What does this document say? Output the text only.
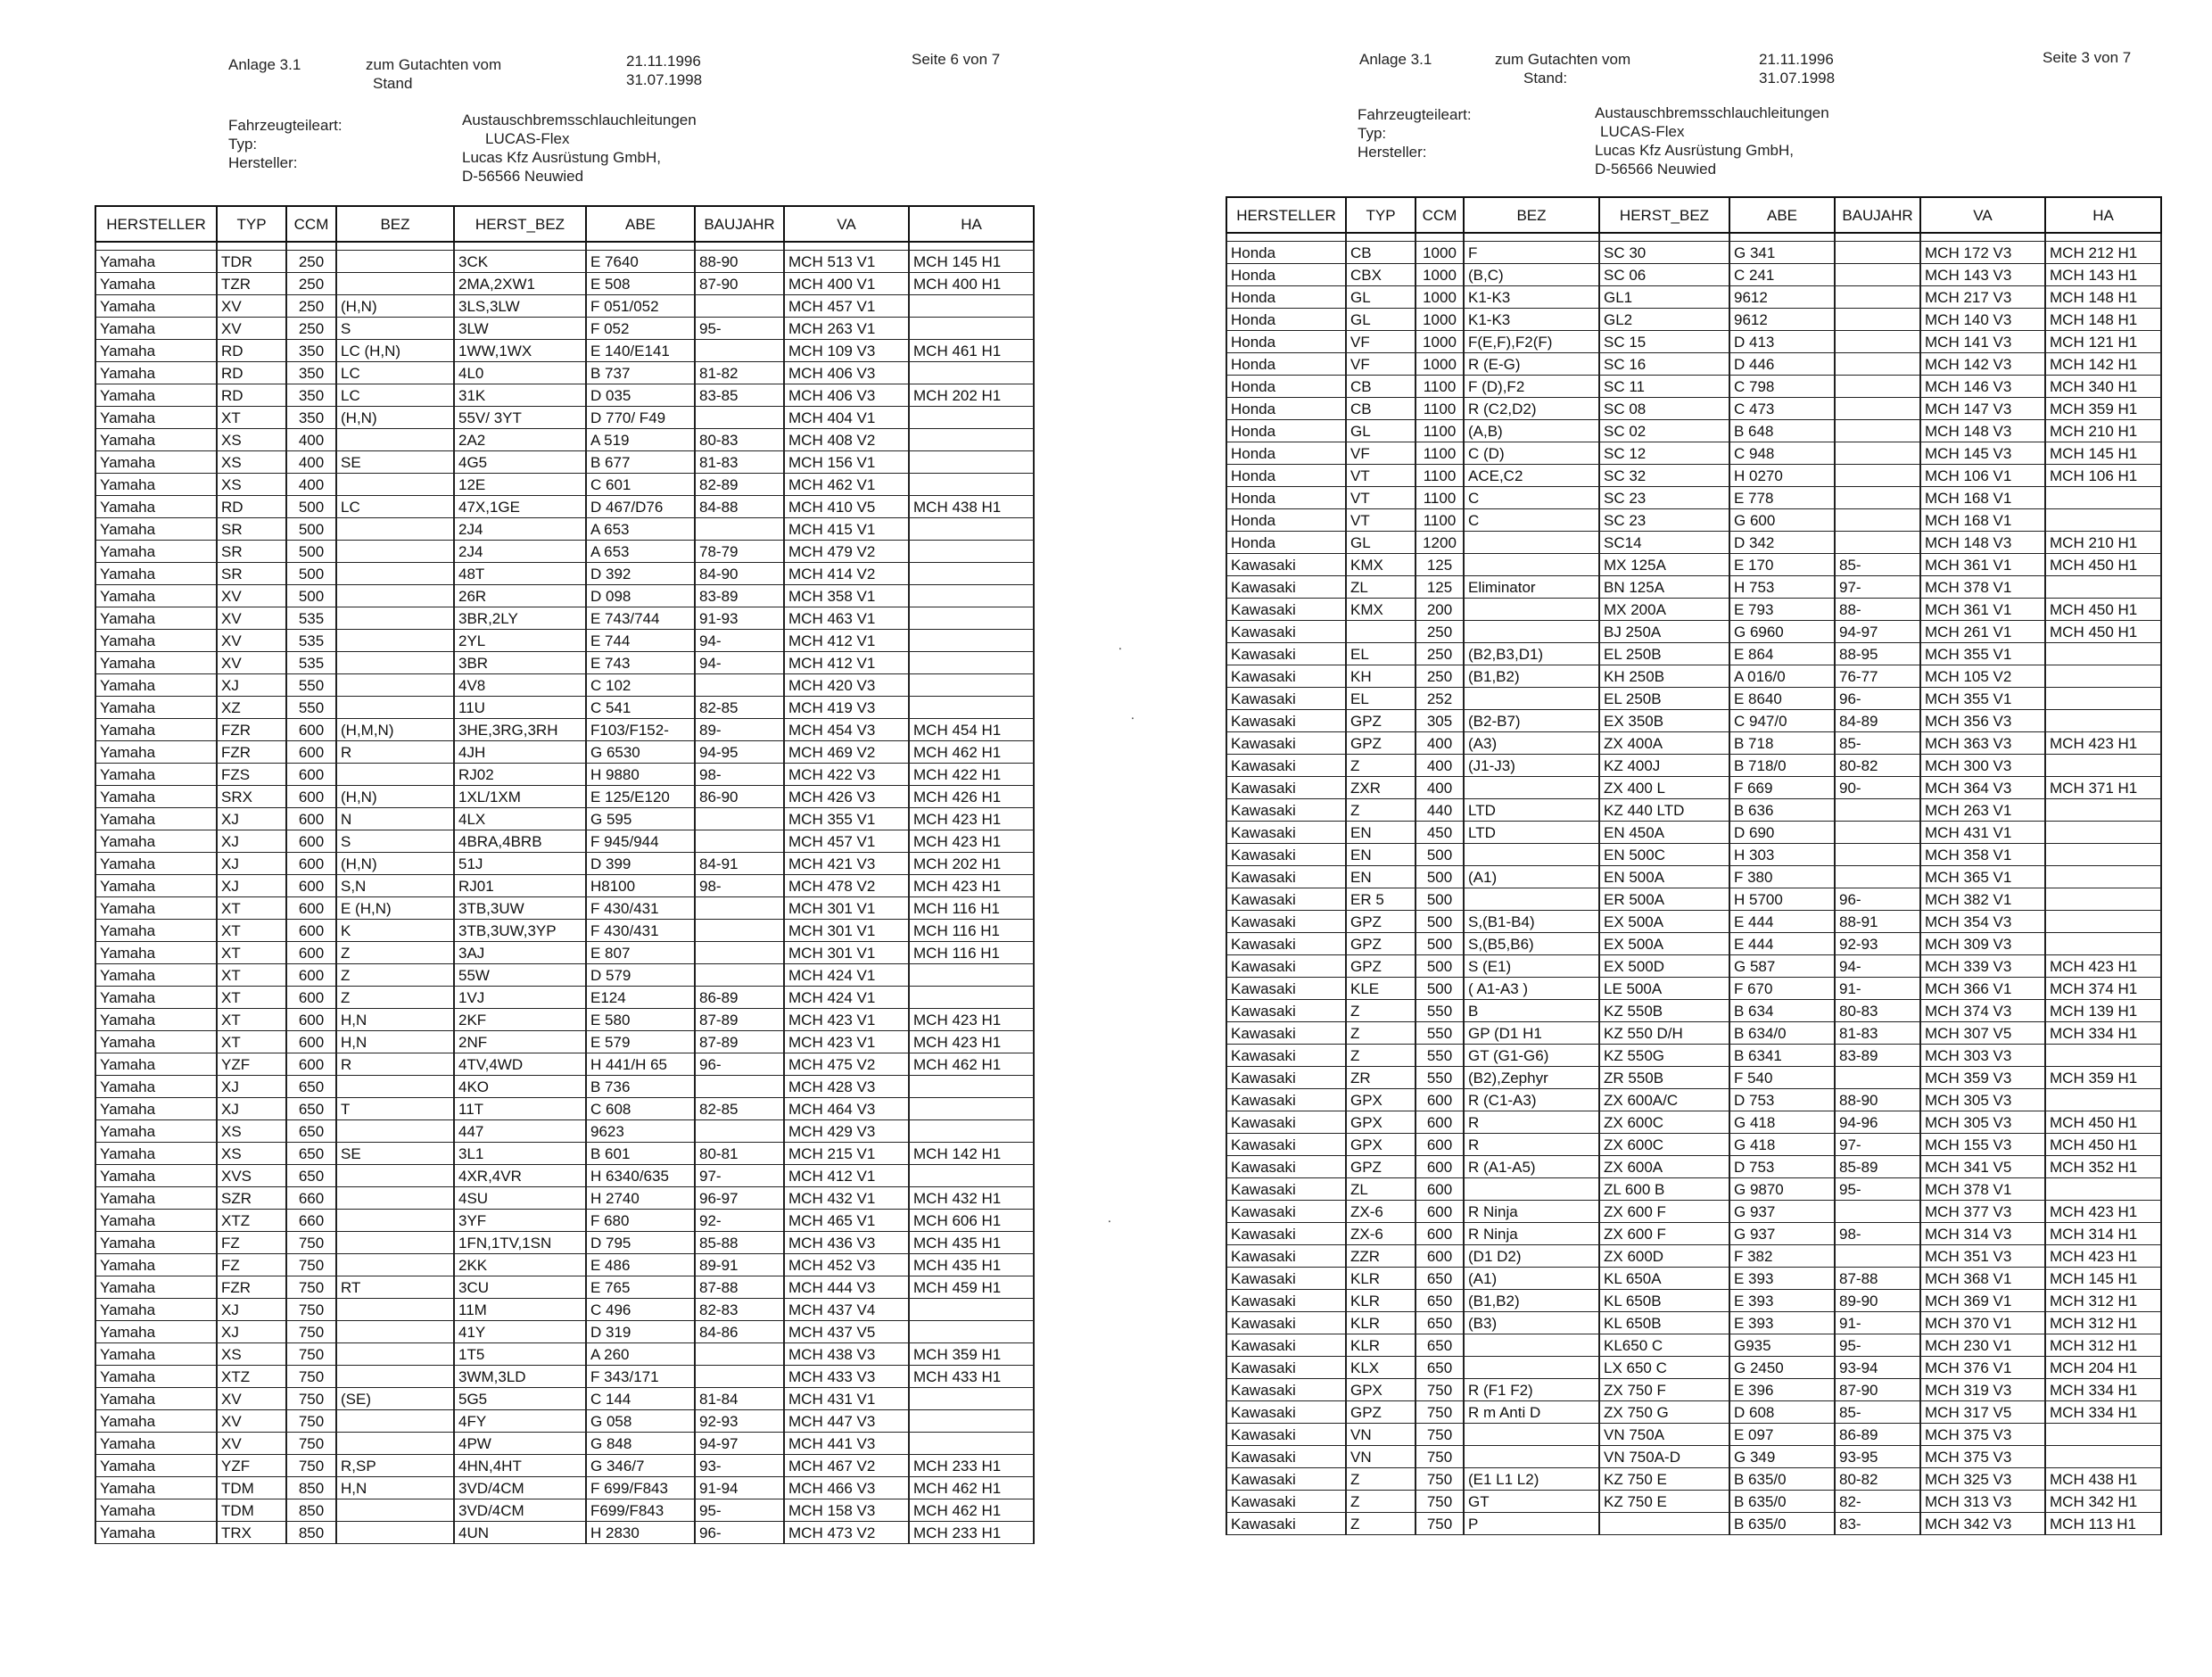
Anlage 3.1	zum Gutachten vom
Stand
21.11.1996
31.07.1998
Seite 6 von 7
Fahrzeugteileart:
Typ:
Hersteller:
Austauschbremsschlauchleitungen
LUCAS-Flex
Lucas Kfz Ausrüstung GmbH,
D-56566 Neuwied
HERSTELLER	TYP	CCM	BEZ	HERST_BEZ	ABE	BAUJAHR	VA	HA

Yamaha	TDR	250		3CK	E 7640	88-90	MCH 513 V1	MCH 145 H1
Yamaha	TZR	250		2MA,2XW1	E 508	87-90	MCH 400 V1	MCH 400 H1
Yamaha	XV	250	(H,N)	3LS,3LW	F 051/052		MCH 457 V1	
Yamaha	XV	250	S	3LW	F 052	95-	MCH 263 V1	
Yamaha	RD	350	LC (H,N)	1WW,1WX	E 140/E141		MCH 109 V3	MCH 461 H1
Yamaha	RD	350	LC	4L0	B 737	81-82	MCH 406 V3	
Yamaha	RD	350	LC	31K	D 035	83-85	MCH 406 V3	MCH 202 H1
Yamaha	XT	350	(H,N)	55V/ 3YT	D 770/ F49		MCH 404 V1	
Yamaha	XS	400		2A2	A 519	80-83	MCH 408 V2	
Yamaha	XS	400	SE	4G5	B 677	81-83	MCH 156 V1	
Yamaha	XS	400		12E	C 601	82-89	MCH 462 V1	
Yamaha	RD	500	LC	47X,1GE	D 467/D76	84-88	MCH 410 V5	MCH 438 H1
Yamaha	SR	500		2J4	A 653		MCH 415 V1	
Yamaha	SR	500		2J4	A 653	78-79	MCH 479 V2	
Yamaha	SR	500		48T	D 392	84-90	MCH 414 V2	
Yamaha	XV	500		26R	D 098	83-89	MCH 358 V1	
Yamaha	XV	535		3BR,2LY	E 743/744	91-93	MCH 463 V1	
Yamaha	XV	535		2YL	E 744	94-	MCH 412 V1	
Yamaha	XV	535		3BR	E 743	94-	MCH 412 V1	
Yamaha	XJ	550		4V8	C 102		MCH 420 V3	
Yamaha	XZ	550		11U	C 541	82-85	MCH 419 V3	
Yamaha	FZR	600	(H,M,N)	3HE,3RG,3RH	F103/F152-	89-	MCH 454 V3	MCH 454 H1
Yamaha	FZR	600	R	4JH	G 6530	94-95	MCH 469 V2	MCH 462 H1
Yamaha	FZS	600		RJ02	H 9880	98-	MCH 422 V3	MCH 422 H1
Yamaha	SRX	600	(H,N)	1XL/1XM	E 125/E120	86-90	MCH 426 V3	MCH 426 H1
Yamaha	XJ	600	N	4LX	G 595		MCH 355 V1	MCH 423 H1
Yamaha	XJ	600	S	4BRA,4BRB	F 945/944		MCH 457 V1	MCH 423 H1
Yamaha	XJ	600	(H,N)	51J	D 399	84-91	MCH 421 V3	MCH 202 H1
Yamaha	XJ	600	S,N	RJ01	H8100	98-	MCH 478 V2	MCH 423 H1
Yamaha	XT	600	E (H,N)	3TB,3UW	F 430/431		MCH 301 V1	MCH 116 H1
Yamaha	XT	600	K	3TB,3UW,3YP	F 430/431		MCH 301 V1	MCH 116 H1
Yamaha	XT	600	Z	3AJ	E 807		MCH 301 V1	MCH 116 H1
Yamaha	XT	600	Z	55W	D 579		MCH 424 V1	
Yamaha	XT	600	Z	1VJ	E124	86-89	MCH 424 V1	
Yamaha	XT	600	H,N	2KF	E 580	87-89	MCH 423 V1	MCH 423 H1
Yamaha	XT	600	H,N	2NF	E 579	87-89	MCH 423 V1	MCH 423 H1
Yamaha	YZF	600	R	4TV,4WD	H 441/H 65	96-	MCH 475 V2	MCH 462 H1
Yamaha	XJ	650		4KO	B 736		MCH 428 V3	
Yamaha	XJ	650	T	11T	C 608	82-85	MCH 464 V3	
Yamaha	XS	650		447	9623		MCH 429 V3	
Yamaha	XS	650	SE	3L1	B 601	80-81	MCH 215 V1	MCH 142 H1
Yamaha	XVS	650		4XR,4VR	H 6340/635	97-	MCH 412 V1	
Yamaha	SZR	660		4SU	H 2740	96-97	MCH 432 V1	MCH 432 H1
Yamaha	XTZ	660		3YF	F 680	92-	MCH 465 V1	MCH 606 H1
Yamaha	FZ	750		1FN,1TV,1SN	D 795	85-88	MCH 436 V3	MCH 435 H1
Yamaha	FZ	750		2KK	E 486	89-91	MCH 452 V3	MCH 435 H1
Yamaha	FZR	750	RT	3CU	E 765	87-88	MCH 444 V3	MCH 459 H1
Yamaha	XJ	750		11M	C 496	82-83	MCH 437 V4	
Yamaha	XJ	750		41Y	D 319	84-86	MCH 437 V5	
Yamaha	XS	750		1T5	A 260		MCH 438 V3	MCH 359 H1
Yamaha	XTZ	750		3WM,3LD	F 343/171		MCH 433 V3	MCH 433 H1
Yamaha	XV	750	(SE)	5G5	C 144	81-84	MCH 431 V1	
Yamaha	XV	750		4FY	G 058	92-93	MCH 447 V3	
Yamaha	XV	750		4PW	G 848	94-97	MCH 441 V3	
Yamaha	YZF	750	R,SP	4HN,4HT	G 346/7	93-	MCH 467 V2	MCH 233 H1
Yamaha	TDM	850	H,N	3VD/4CM	F 699/F843	91-94	MCH 466 V3	MCH 462 H1
Yamaha	TDM	850		3VD/4CM	F699/F843	95-	MCH 158 V3	MCH 462 H1
Yamaha	TRX	850		4UN	H 2830	96-	MCH 473 V2	MCH 233 H1
Anlage 3.1	zum Gutachten vom
Stand:
21.11.1996
31.07.1998
Seite 3 von 7
Fahrzeugteileart:
Typ:
Hersteller:
Austauschbremsschlauchleitungen
LUCAS-Flex
Lucas Kfz Ausrüstung GmbH,
D-56566 Neuwied
HERSTELLER	TYP	CCM	BEZ	HERST_BEZ	ABE	BAUJAHR	VA	HA

Honda	CB	1000	F	SC 30	G 341		MCH 172 V3	MCH 212 H1
Honda	CBX	1000	(B,C)	SC 06	C 241		MCH 143 V3	MCH 143 H1
Honda	GL	1000	K1-K3	GL1	9612		MCH 217 V3	MCH 148 H1
Honda	GL	1000	K1-K3	GL2	9612		MCH 140 V3	MCH 148 H1
Honda	VF	1000	F(E,F),F2(F)	SC 15	D 413		MCH 141 V3	MCH 121 H1
Honda	VF	1000	R (E-G)	SC 16	D 446		MCH 142 V3	MCH 142 H1
Honda	CB	1100	F (D),F2	SC 11	C 798		MCH 146 V3	MCH 340 H1
Honda	CB	1100	R (C2,D2)	SC 08	C 473		MCH 147 V3	MCH 359 H1
Honda	GL	1100	(A,B)	SC 02	B 648		MCH 148 V3	MCH 210 H1
Honda	VF	1100	C (D)	SC 12	C 948		MCH 145 V3	MCH 145 H1
Honda	VT	1100	ACE,C2	SC 32	H 0270		MCH 106 V1	MCH 106 H1
Honda	VT	1100	C	SC 23	E 778		MCH 168 V1	
Honda	VT	1100	C	SC 23	G 600		MCH 168 V1	
Honda	GL	1200		SC14	D 342		MCH 148 V3	MCH 210 H1
Kawasaki	KMX	125		MX 125A	E 170	85-	MCH 361 V1	MCH 450 H1
Kawasaki	ZL	125	Eliminator	BN 125A	H 753	97-	MCH 378 V1	
Kawasaki	KMX	200		MX 200A	E 793	88-	MCH 361 V1	MCH 450 H1
Kawasaki		250		BJ 250A	G 6960	94-97	MCH 261 V1	MCH 450 H1
Kawasaki	EL	250	(B2,B3,D1)	EL 250B	E 864	88-95	MCH 355 V1	
Kawasaki	KH	250	(B1,B2)	KH 250B	A 016/0	76-77	MCH 105 V2	
Kawasaki	EL	252		EL 250B	E 8640	96-	MCH 355 V1	
Kawasaki	GPZ	305	(B2-B7)	EX 350B	C 947/0	84-89	MCH 356 V3	
Kawasaki	GPZ	400	(A3)	ZX 400A	B 718	85-	MCH 363 V3	MCH 423 H1
Kawasaki	Z	400	(J1-J3)	KZ 400J	B 718/0	80-82	MCH 300 V3	
Kawasaki	ZXR	400		ZX 400 L	F 669	90-	MCH 364 V3	MCH 371 H1
Kawasaki	Z	440	LTD	KZ 440 LTD	B 636		MCH 263 V1	
Kawasaki	EN	450	LTD	EN 450A	D 690		MCH 431 V1	
Kawasaki	EN	500		EN 500C	H 303		MCH 358 V1	
Kawasaki	EN	500	(A1)	EN 500A	F 380		MCH 365 V1	
Kawasaki	ER 5	500		ER 500A	H 5700	96-	MCH 382 V1	
Kawasaki	GPZ	500	S,(B1-B4)	EX 500A	E 444	88-91	MCH 354 V3	
Kawasaki	GPZ	500	S,(B5,B6)	EX 500A	E 444	92-93	MCH 309 V3	
Kawasaki	GPZ	500	S (E1)	EX 500D	G 587	94-	MCH 339 V3	MCH 423 H1
Kawasaki	KLE	500	( A1-A3 )	LE 500A	F 670	91-	MCH 366 V1	MCH 374 H1
Kawasaki	Z	550	B	KZ 550B	B 634	80-83	MCH 374 V3	MCH 139 H1
Kawasaki	Z	550	GP (D1 H1	KZ 550 D/H	B 634/0	81-83	MCH 307 V5	MCH 334 H1
Kawasaki	Z	550	GT (G1-G6)	KZ 550G	B 6341	83-89	MCH 303 V3	
Kawasaki	ZR	550	(B2),Zephyr	ZR 550B	F 540		MCH 359 V3	MCH 359 H1
Kawasaki	GPX	600	R (C1-A3)	ZX 600A/C	D 753	88-90	MCH 305 V3	
Kawasaki	GPX	600	R	ZX 600C	G 418	94-96	MCH 305 V3	MCH 450 H1
Kawasaki	GPX	600	R	ZX 600C	G 418	97-	MCH 155 V3	MCH 450 H1
Kawasaki	GPZ	600	R (A1-A5)	ZX 600A	D 753	85-89	MCH 341 V5	MCH 352 H1
Kawasaki	ZL	600		ZL 600 B	G 9870	95-	MCH 378 V1	
Kawasaki	ZX-6	600	R Ninja	ZX 600 F	G 937		MCH 377 V3	MCH 423 H1
Kawasaki	ZX-6	600	R Ninja	ZX 600 F	G 937	98-	MCH 314 V3	MCH 314 H1
Kawasaki	ZZR	600	(D1 D2)	ZX 600D	F 382		MCH 351 V3	MCH 423 H1
Kawasaki	KLR	650	(A1)	KL 650A	E 393	87-88	MCH 368 V1	MCH 145 H1
Kawasaki	KLR	650	(B1,B2)	KL 650B	E 393	89-90	MCH 369 V1	MCH 312 H1
Kawasaki	KLR	650	(B3)	KL 650B	E 393	91-	MCH 370 V1	MCH 312 H1
Kawasaki	KLR	650		KL650 C	G935	95-	MCH 230 V1	MCH 312 H1
Kawasaki	KLX	650		LX 650 C	G 2450	93-94	MCH 376 V1	MCH 204 H1
Kawasaki	GPX	750	R (F1 F2)	ZX 750 F	E 396	87-90	MCH 319 V3	MCH 334 H1
Kawasaki	GPZ	750	R m Anti D	ZX 750 G	D 608	85-	MCH 317 V5	MCH 334 H1
Kawasaki	VN	750		VN 750A	E 097	86-89	MCH 375 V3	
Kawasaki	VN	750		VN 750A-D	G 349	93-95	MCH 375 V3	
Kawasaki	Z	750	(E1 L1 L2)	KZ 750 E	B 635/0	80-82	MCH 325 V3	MCH 438 H1
Kawasaki	Z	750	GT	KZ 750 E	B 635/0	82-	MCH 313 V3	MCH 342 H1
Kawasaki	Z	750	P		B 635/0	83-	MCH 342 V3	MCH 113 H1
⸱
⸱
⸱
